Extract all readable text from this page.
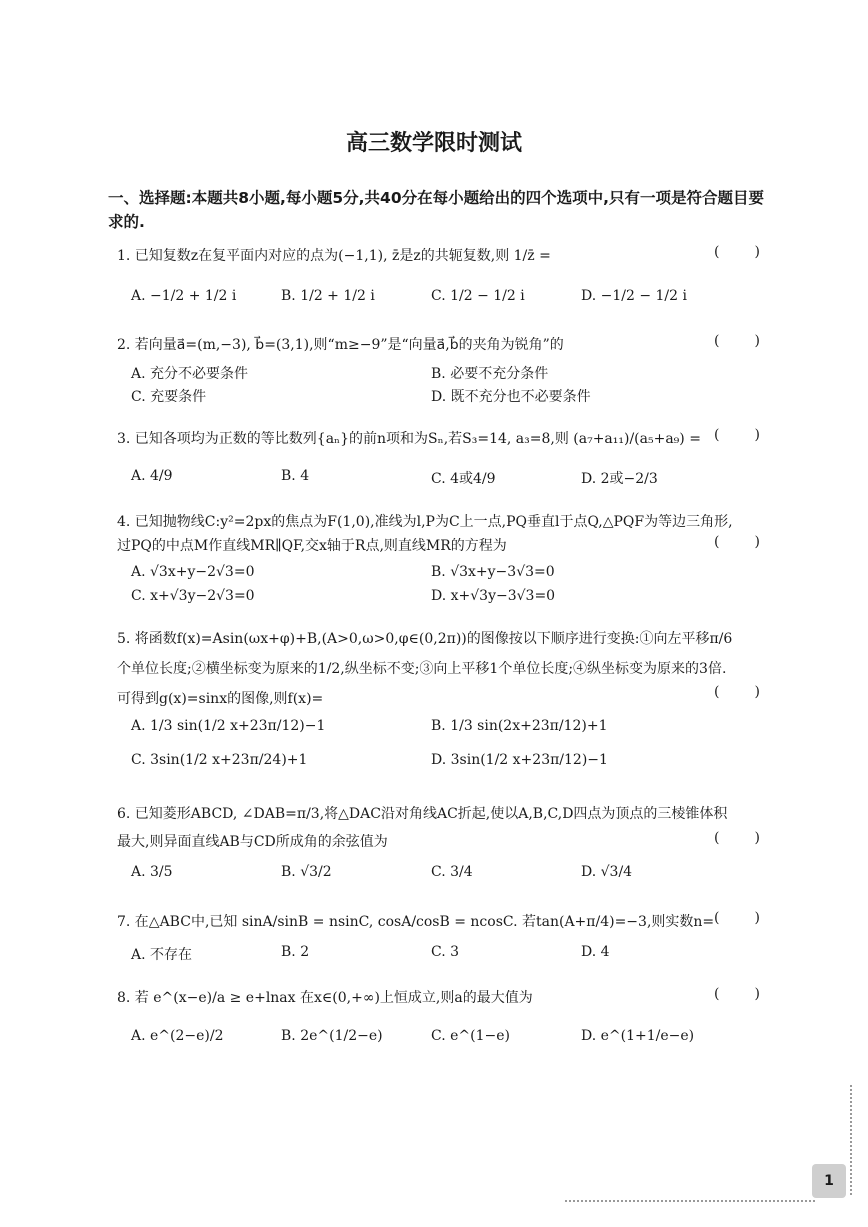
高三数学限时测试
一、选择题:本题共8小题,每小题5分,共40分在每小题给出的四个选项中,只有一项是符合题目要求的.
1. 已知复数z在复平面内对应的点为(−1,1), z̄是z的共轭复数,则 1/z̄ =	(	)
A. −1/2 + 1/2 i	B. 1/2 + 1/2 i	C. 1/2 − 1/2 i	D. −1/2 − 1/2 i
2. 若向量a⃗=(m,−3), b⃗=(3,1),则“m≥−9”是“向量a⃗,b⃗的夹角为锐角”的	(	)
A. 充分不必要条件	B. 必要不充分条件
C. 充要条件	D. 既不充分也不必要条件
3. 已知各项均为正数的等比数列{aₙ}的前n项和为Sₙ,若S₃=14, a₃=8,则 (a₇+a₁₁)/(a₅+a₉) = (	)
A. 4/9	B. 4	C. 4或4/9	D. 2或−2/3
4. 已知抛物线C:y²=2px的焦点为F(1,0),准线为l,P为C上一点,PQ垂直l于点Q,△PQF为等边三角形,过PQ的中点M作直线MR∥QF,交x轴于R点,则直线MR的方程为	(	)
A. √3x+y−2√3=0	B. √3x+y−3√3=0
C. x+√3y−2√3=0	D. x+√3y−3√3=0
5. 将函数f(x)=Asin(ωx+φ)+B,(A>0,ω>0,φ∈(0,2π))的图像按以下顺序进行变换:①向左平移π/6个单位长度;②横坐标变为原来的1/2,纵坐标不变;③向上平移1个单位长度;④纵坐标变为原来的3倍.可得到g(x)=sinx的图像,则f(x)=	(	)
A. 1/3 sin(1/2 x+23π/12)−1	B. 1/3 sin(2x+23π/12)+1
C. 3sin(1/2 x+23π/24)+1	D. 3sin(1/2 x+23π/12)−1
6. 已知菱形ABCD, ∠DAB=π/3,将△DAC沿对角线AC折起,使以A,B,C,D四点为顶点的三棱锥体积最大,则异面直线AB与CD所成角的余弦值为	(	)
A. 3/5	B. √3/2	C. 3/4	D. √3/4
7. 在△ABC中,已知 sinA/sinB = nsinC, cosA/cosB = ncosC. 若tan(A+π/4)=−3,则实数n= (	)
A. 不存在	B. 2	C. 3	D. 4
8. 若 e^(x−e)/a ≥ e+lnax 在x∈(0,+∞)上恒成立,则a的最大值为	(	)
A. e^(2−e)/2	B. 2e^(1/2−e)	C. e^(1−e)	D. e^(1+1/e−e)
1
